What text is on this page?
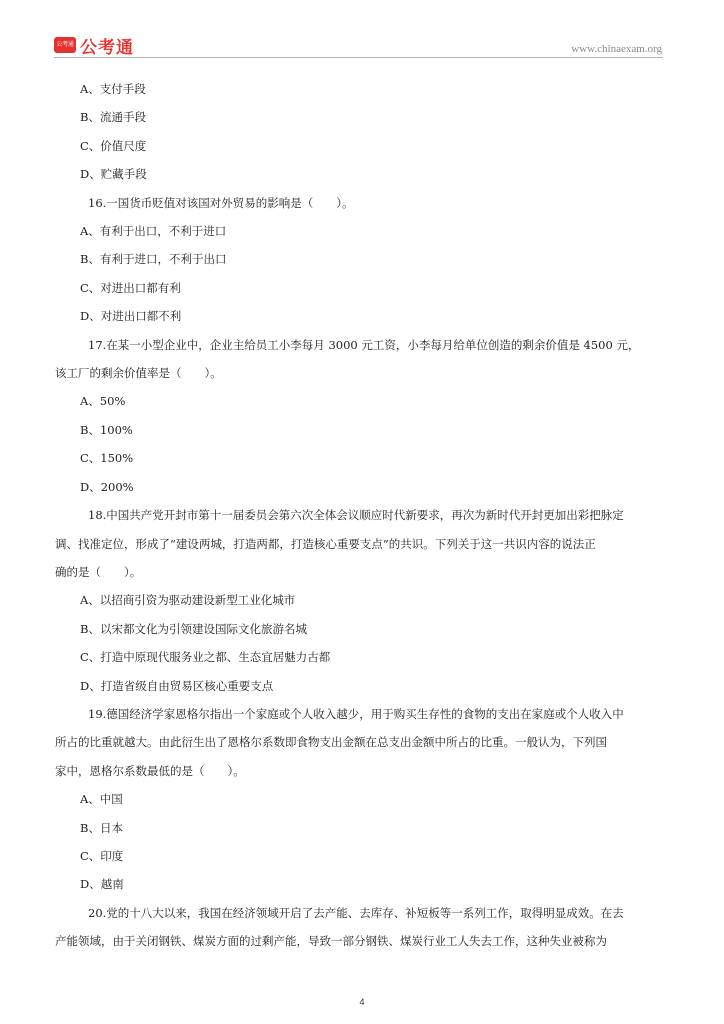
公考通 公考通	www.chinaexam.org

A、支付手段

B、流通手段

C、价值尺度

D、贮藏手段

16.一国货币贬值对该国对外贸易的影响是（　　）。

A、有利于出口，不利于进口

B、有利于进口，不利于出口

C、对进出口都有利

D、对进出口都不利

17.在某一小型企业中，企业主给员工小李每月 3000 元工资，小李每月给单位创造的剩余价值是 4500 元，

该工厂的剩余价值率是（　　）。

A、50%

B、100%

C、150%

D、200%

18.中国共产党开封市第十一届委员会第六次全体会议顺应时代新要求，再次为新时代开封更加出彩把脉定

调、找准定位，形成了“建设两城，打造两都，打造核心重要支点”的共识。下列关于这一共识内容的说法正

确的是（　　）。

A、以招商引资为驱动建设新型工业化城市

B、以宋都文化为引领建设国际文化旅游名城

C、打造中原现代服务业之都、生态宜居魅力古都

D、打造省级自由贸易区核心重要支点

19.德国经济学家恩格尔指出一个家庭或个人收入越少，用于购买生存性的食物的支出在家庭或个人收入中

所占的比重就越大。由此衍生出了恩格尔系数即食物支出金额在总支出金额中所占的比重。一般认为，下列国

家中，恩格尔系数最低的是（　　）。

A、中国

B、日本

C、印度

D、越南

20.党的十八大以来，我国在经济领域开启了去产能、去库存、补短板等一系列工作，取得明显成效。在去

产能领域，由于关闭钢铁、煤炭方面的过剩产能，导致一部分钢铁、煤炭行业工人失去工作，这种失业被称为

4
